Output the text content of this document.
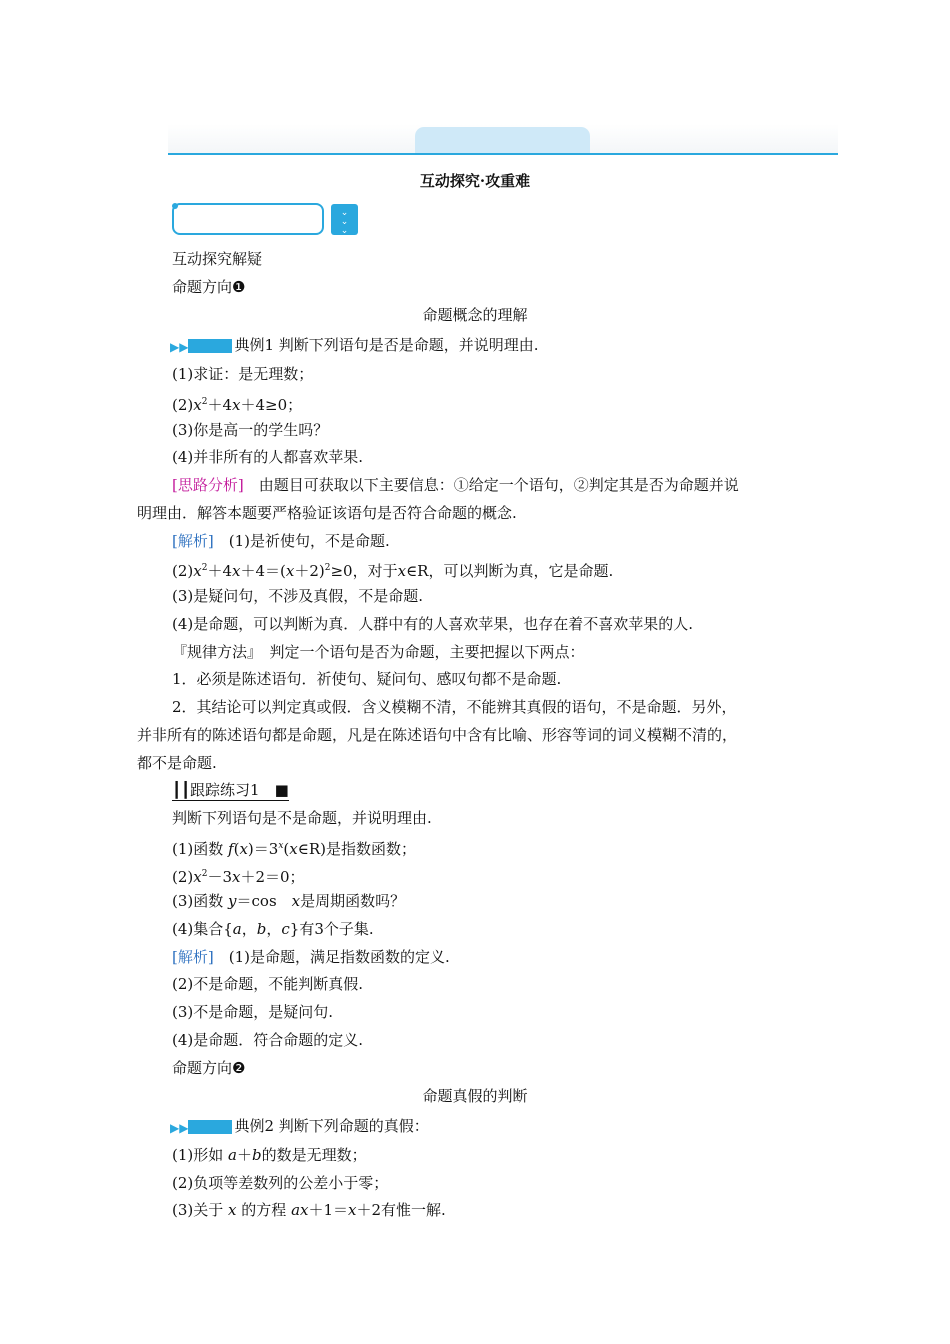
互动探究·攻重难
⌄
⌄
⌄
互动探究解疑
命题方向❶
命题概念的理解
▶▶	典例1 判断下列语句是否是命题，并说明理由.
(1)求证：是无理数；
$(2)x^2+4x+4\ge 0$；
(3)你是高一的学生吗？
(4)并非所有的人都喜欢苹果.
[思路分析]　由题目可获取以下主要信息：①给定一个语句，②判定其是否为命题并说
明理由．解答本题要严格验证该语句是否符合命题的概念.
[解析]　(1)是祈使句，不是命题.
$(2)x^2+4x+4=(x+2)^2\ge 0$，对于x∈R，可以判断为真，它是命题.
(3)是疑问句，不涉及真假，不是命题.
(4)是命题，可以判断为真．人群中有的人喜欢苹果，也存在着不喜欢苹果的人.
『规律方法』　判定一个语句是否为命题，主要把握以下两点：
1．必须是陈述语句．祈使句、疑问句、感叹句都不是命题.
2．其结论可以判定真或假．含义模糊不清，不能辨其真假的语句，不是命题．另外，
并非所有的陈述语句都是命题，凡是在陈述语句中含有比喻、形容等词的词义模糊不清的，
都不是命题.
┃┃跟踪练习1　■
判断下列语句是不是命题，并说明理由.
(1)函数 $f(x)=3^x(x\in R)$是指数函数；
$(2)x^2-3x+2=0$；
(3)函数 y＝cos　x是周期函数吗？
(4)集合{a，b，c}有3个子集.
[解析]　(1)是命题，满足指数函数的定义.
(2)不是命题，不能判断真假.
(3)不是命题，是疑问句.
(4)是命题．符合命题的定义.
命题方向❷
命题真假的判断
▶▶	典例2 判断下列命题的真假：
(1)形如 a＋b的数是无理数；
(2)负项等差数列的公差小于零；
(3)关于 x 的方程 ax＋1＝x＋2有惟一解.
